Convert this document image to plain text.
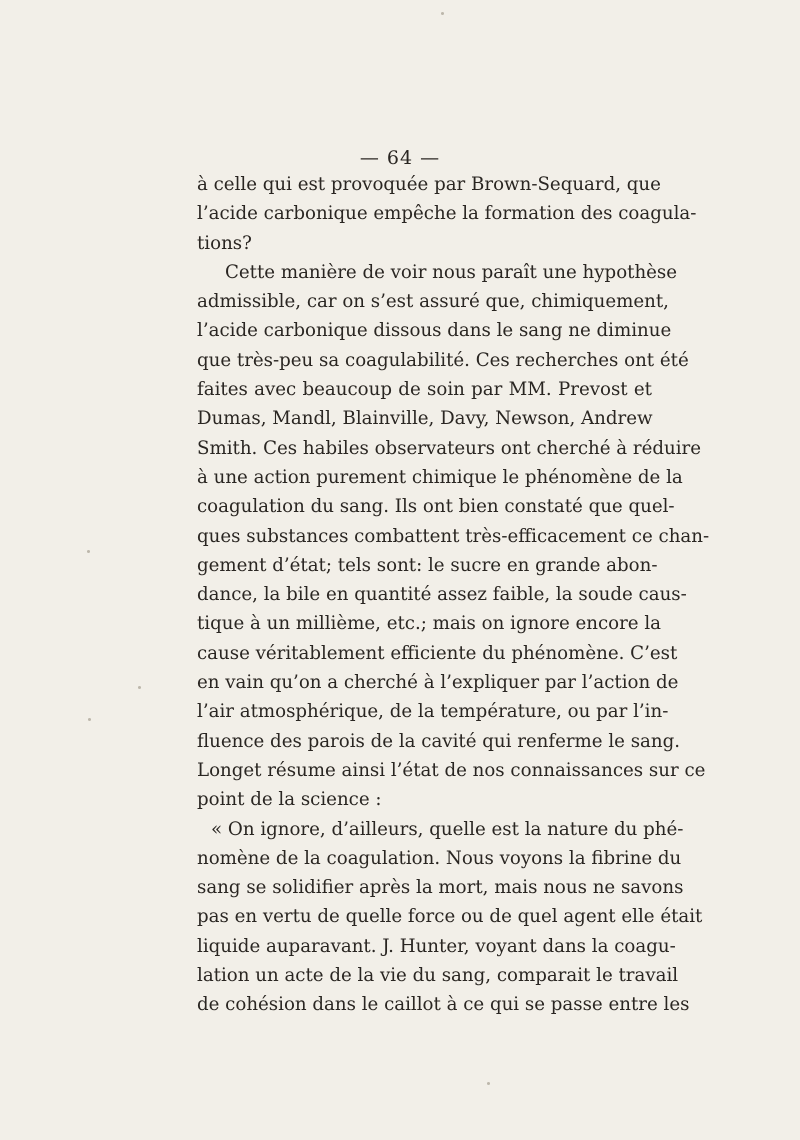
— 64 —
à celle qui est provoquée par Brown-Sequard, que
l’acide carbonique empêche la formation des coagula-
tions?
Cette manière de voir nous paraît une hypothèse
admissible, car on s’est assuré que, chimiquement,
l’acide carbonique dissous dans le sang ne diminue
que très-peu sa coagulabilité. Ces recherches ont été
faites avec beaucoup de soin par MM. Prevost et
Dumas, Mandl, Blainville, Davy, Newson, Andrew
Smith. Ces habiles observateurs ont cherché à réduire
à une action purement chimique le phénomène de la
coagulation du sang. Ils ont bien constaté que quel-
ques substances combattent très-efficacement ce chan-
gement d’état; tels sont: le sucre en grande abon-
dance, la bile en quantité assez faible, la soude caus-
tique à un millième, etc.; mais on ignore encore la
cause véritablement efficiente du phénomène. C’est
en vain qu’on a cherché à l’expliquer par l’action de
l’air atmosphérique, de la température, ou par l’in-
fluence des parois de la cavité qui renferme le sang.
Longet résume ainsi l’état de nos connaissances sur ce
point de la science :
« On ignore, d’ailleurs, quelle est la nature du phé-
nomène de la coagulation. Nous voyons la fibrine du
sang se solidifier après la mort, mais nous ne savons
pas en vertu de quelle force ou de quel agent elle était
liquide auparavant. J. Hunter, voyant dans la coagu-
lation un acte de la vie du sang, comparait le travail
de cohésion dans le caillot à ce qui se passe entre les
